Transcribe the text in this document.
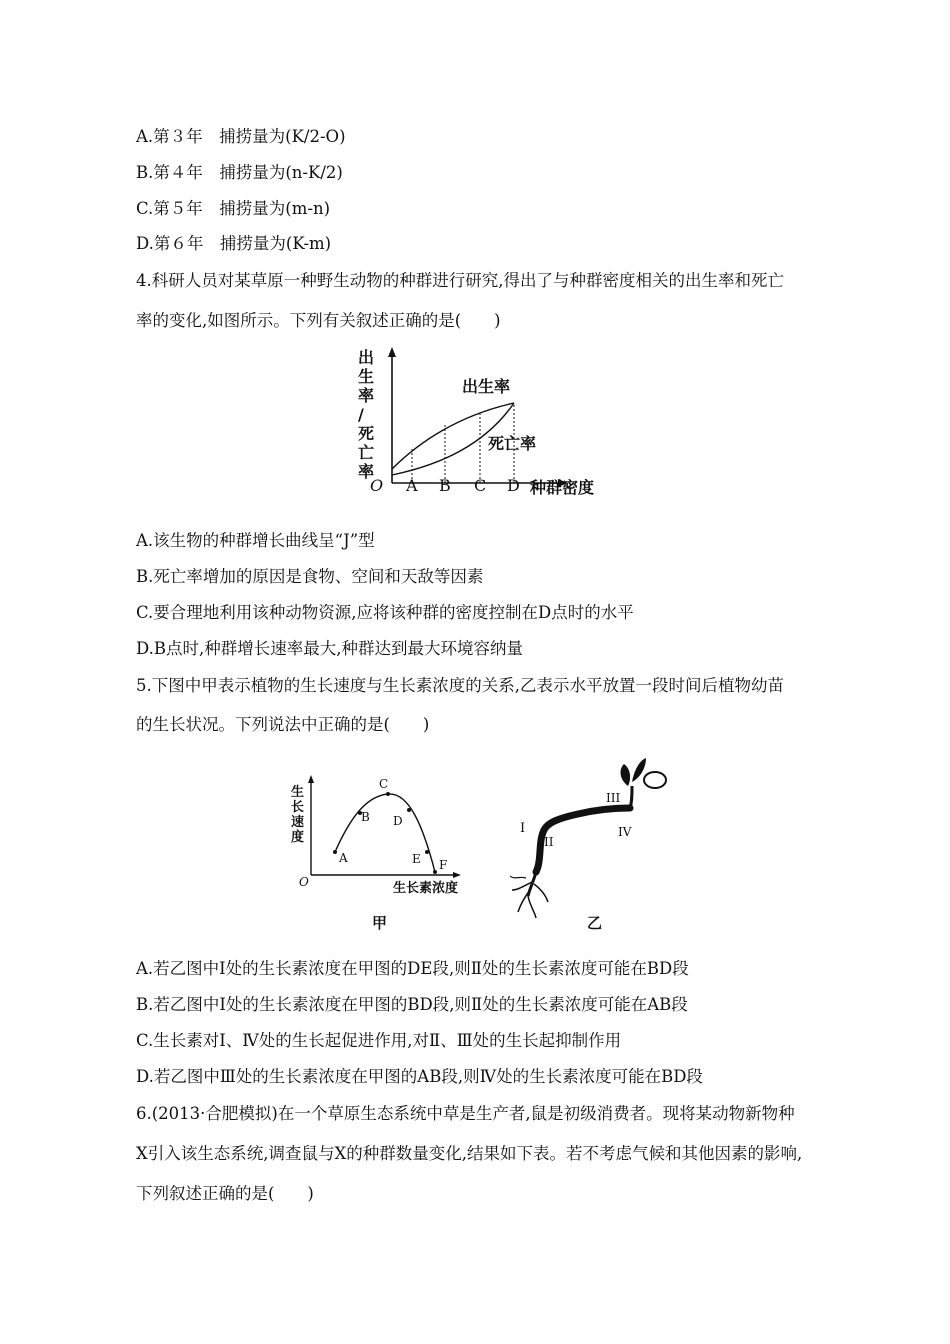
A.第３年　捕捞量为(K/2-O)
B.第４年　捕捞量为(n-K/2)
C.第５年　捕捞量为(m-n)
D.第６年　捕捞量为(K-m)
4.科研人员对某草原一种野生动物的种群进行研究,得出了与种群密度相关的出生率和死亡
率的变化,如图所示。下列有关叙述正确的是(　　)
出生率/死亡率
出生率
死亡率
O A B C D 种群密度
A.该生物的种群增长曲线呈“J”型
B.死亡率增加的原因是食物、空间和天敌等因素
C.要合理地利用该种动物资源,应将该种群的密度控制在D点时的水平
D.B点时,种群增长速率最大,种群达到最大环境容纳量
5.下图中甲表示植物的生长速度与生长素浓度的关系,乙表示水平放置一段时间后植物幼苗
的生长状况。下列说法中正确的是(　　)
生长速度
A
B
C
D
E F
O	生长素浓度
甲
I
II
III
IV
乙
A.若乙图中Ⅰ处的生长素浓度在甲图的DE段,则Ⅱ处的生长素浓度可能在BD段
B.若乙图中Ⅰ处的生长素浓度在甲图的BD段,则Ⅱ处的生长素浓度可能在AB段
C.生长素对Ⅰ、Ⅳ处的生长起促进作用,对Ⅱ、Ⅲ处的生长起抑制作用
D.若乙图中Ⅲ处的生长素浓度在甲图的AB段,则Ⅳ处的生长素浓度可能在BD段
6.(2013·合肥模拟)在一个草原生态系统中草是生产者,鼠是初级消费者。现将某动物新物种
X引入该生态系统,调查鼠与X的种群数量变化,结果如下表。若不考虑气候和其他因素的影响,
下列叙述正确的是(　　)
